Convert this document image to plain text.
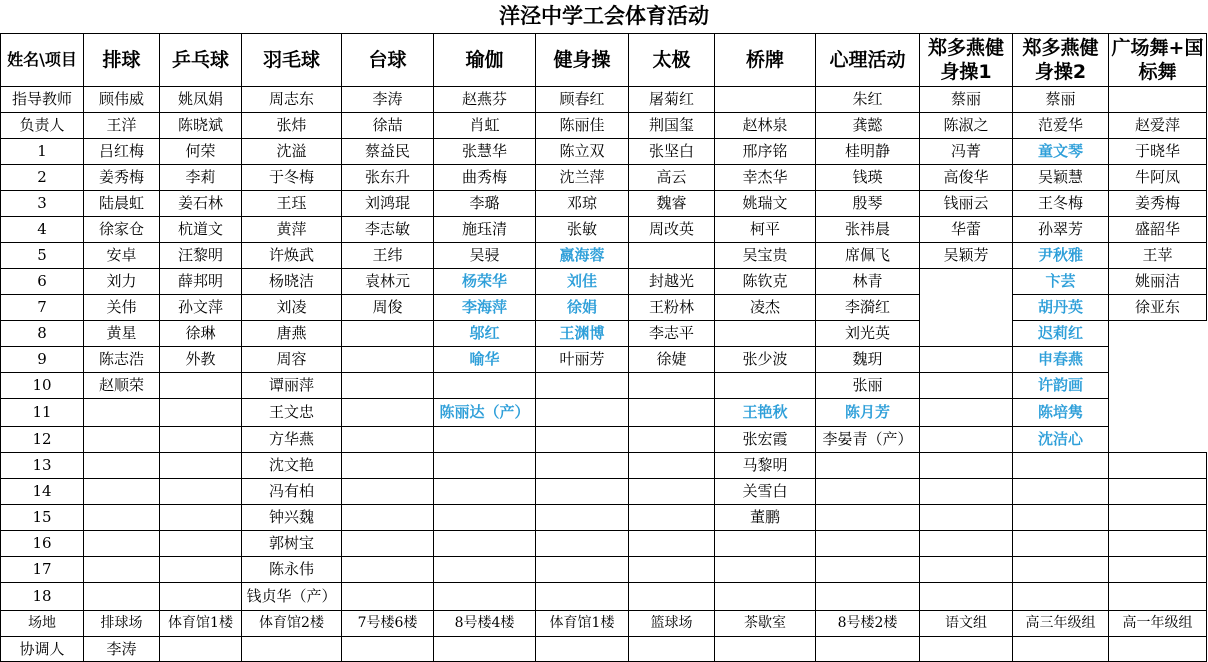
洋泾中学工会体育活动
姓名\项目	排球	乒乓球	羽毛球	台球	瑜伽	健身操	太极	桥牌	心理活动	郑多燕健身操1	郑多燕健身操2	广场舞+国标舞
指导教师	顾伟威	姚凤娟	周志东	李涛	赵燕芬	顾春红	屠菊红		朱红	蔡丽	蔡丽	
负责人	王洋	陈晓斌	张炜	徐喆	肖虹	陈丽佳	荆国玺	赵林泉	龚懿	陈淑之	范爱华	赵爱萍
1	吕红梅	何荣	沈溢	蔡益民	张慧华	陈立双	张坚白	邢序铭	桂明静	冯菁	童文琴	于晓华
2	姜秀梅	李莉	于冬梅	张东升	曲秀梅	沈兰萍	高云	幸杰华	钱瑛	高俊华	吴颖慧	牛阿凤
3	陆晨虹	姜石林	王珏	刘鸿琨	李璐	邓琼	魏睿	姚瑞文	殷琴	钱丽云	王冬梅	姜秀梅
4	徐家仓	杭道文	黄萍	李志敏	施珏清	张敏	周改英	柯平	张祎晨	华蕾	孙翠芳	盛韶华
5	安卓	汪黎明	许焕武	王纬	吴骎	嬴海蓉		吴宝贵	席佩飞	吴颖芳	尹秋雅	王苹
6	刘力	薛邦明	杨晓洁	袁林元	杨荣华	刘佳	封越光	陈钦克	林青		卞芸	姚丽洁
7	关伟	孙文萍	刘凌	周俊	李海萍	徐娟	王粉林	凌杰	李漪红		胡丹英	徐亚东
8	黄星	徐琳	唐燕		邬红	王渊博	李志平		刘光英		迟莉红	
9	陈志浩	外教	周容		喻华	叶丽芳	徐婕	张少波	魏玥		申春燕	
10	赵顺荣		谭丽萍						张丽		许韵画	
11			王文忠		陈丽达（产）			王艳秋	陈月芳		陈培隽	
12			方华燕					张宏霞	李晏青（产）		沈洁心	
13			沈文艳					马黎明				
14			冯有柏					关雪白				
15			钟兴魏					董鹏				
16			郭树宝									
17			陈永伟									
18			钱贞华（产）									
场地	排球场	体育馆1楼	体育馆2楼	7号楼6楼	8号楼4楼	体育馆1楼	篮球场	茶歇室	8号楼2楼	语文组	高三年级组	高一年级组
协调人	李涛											
